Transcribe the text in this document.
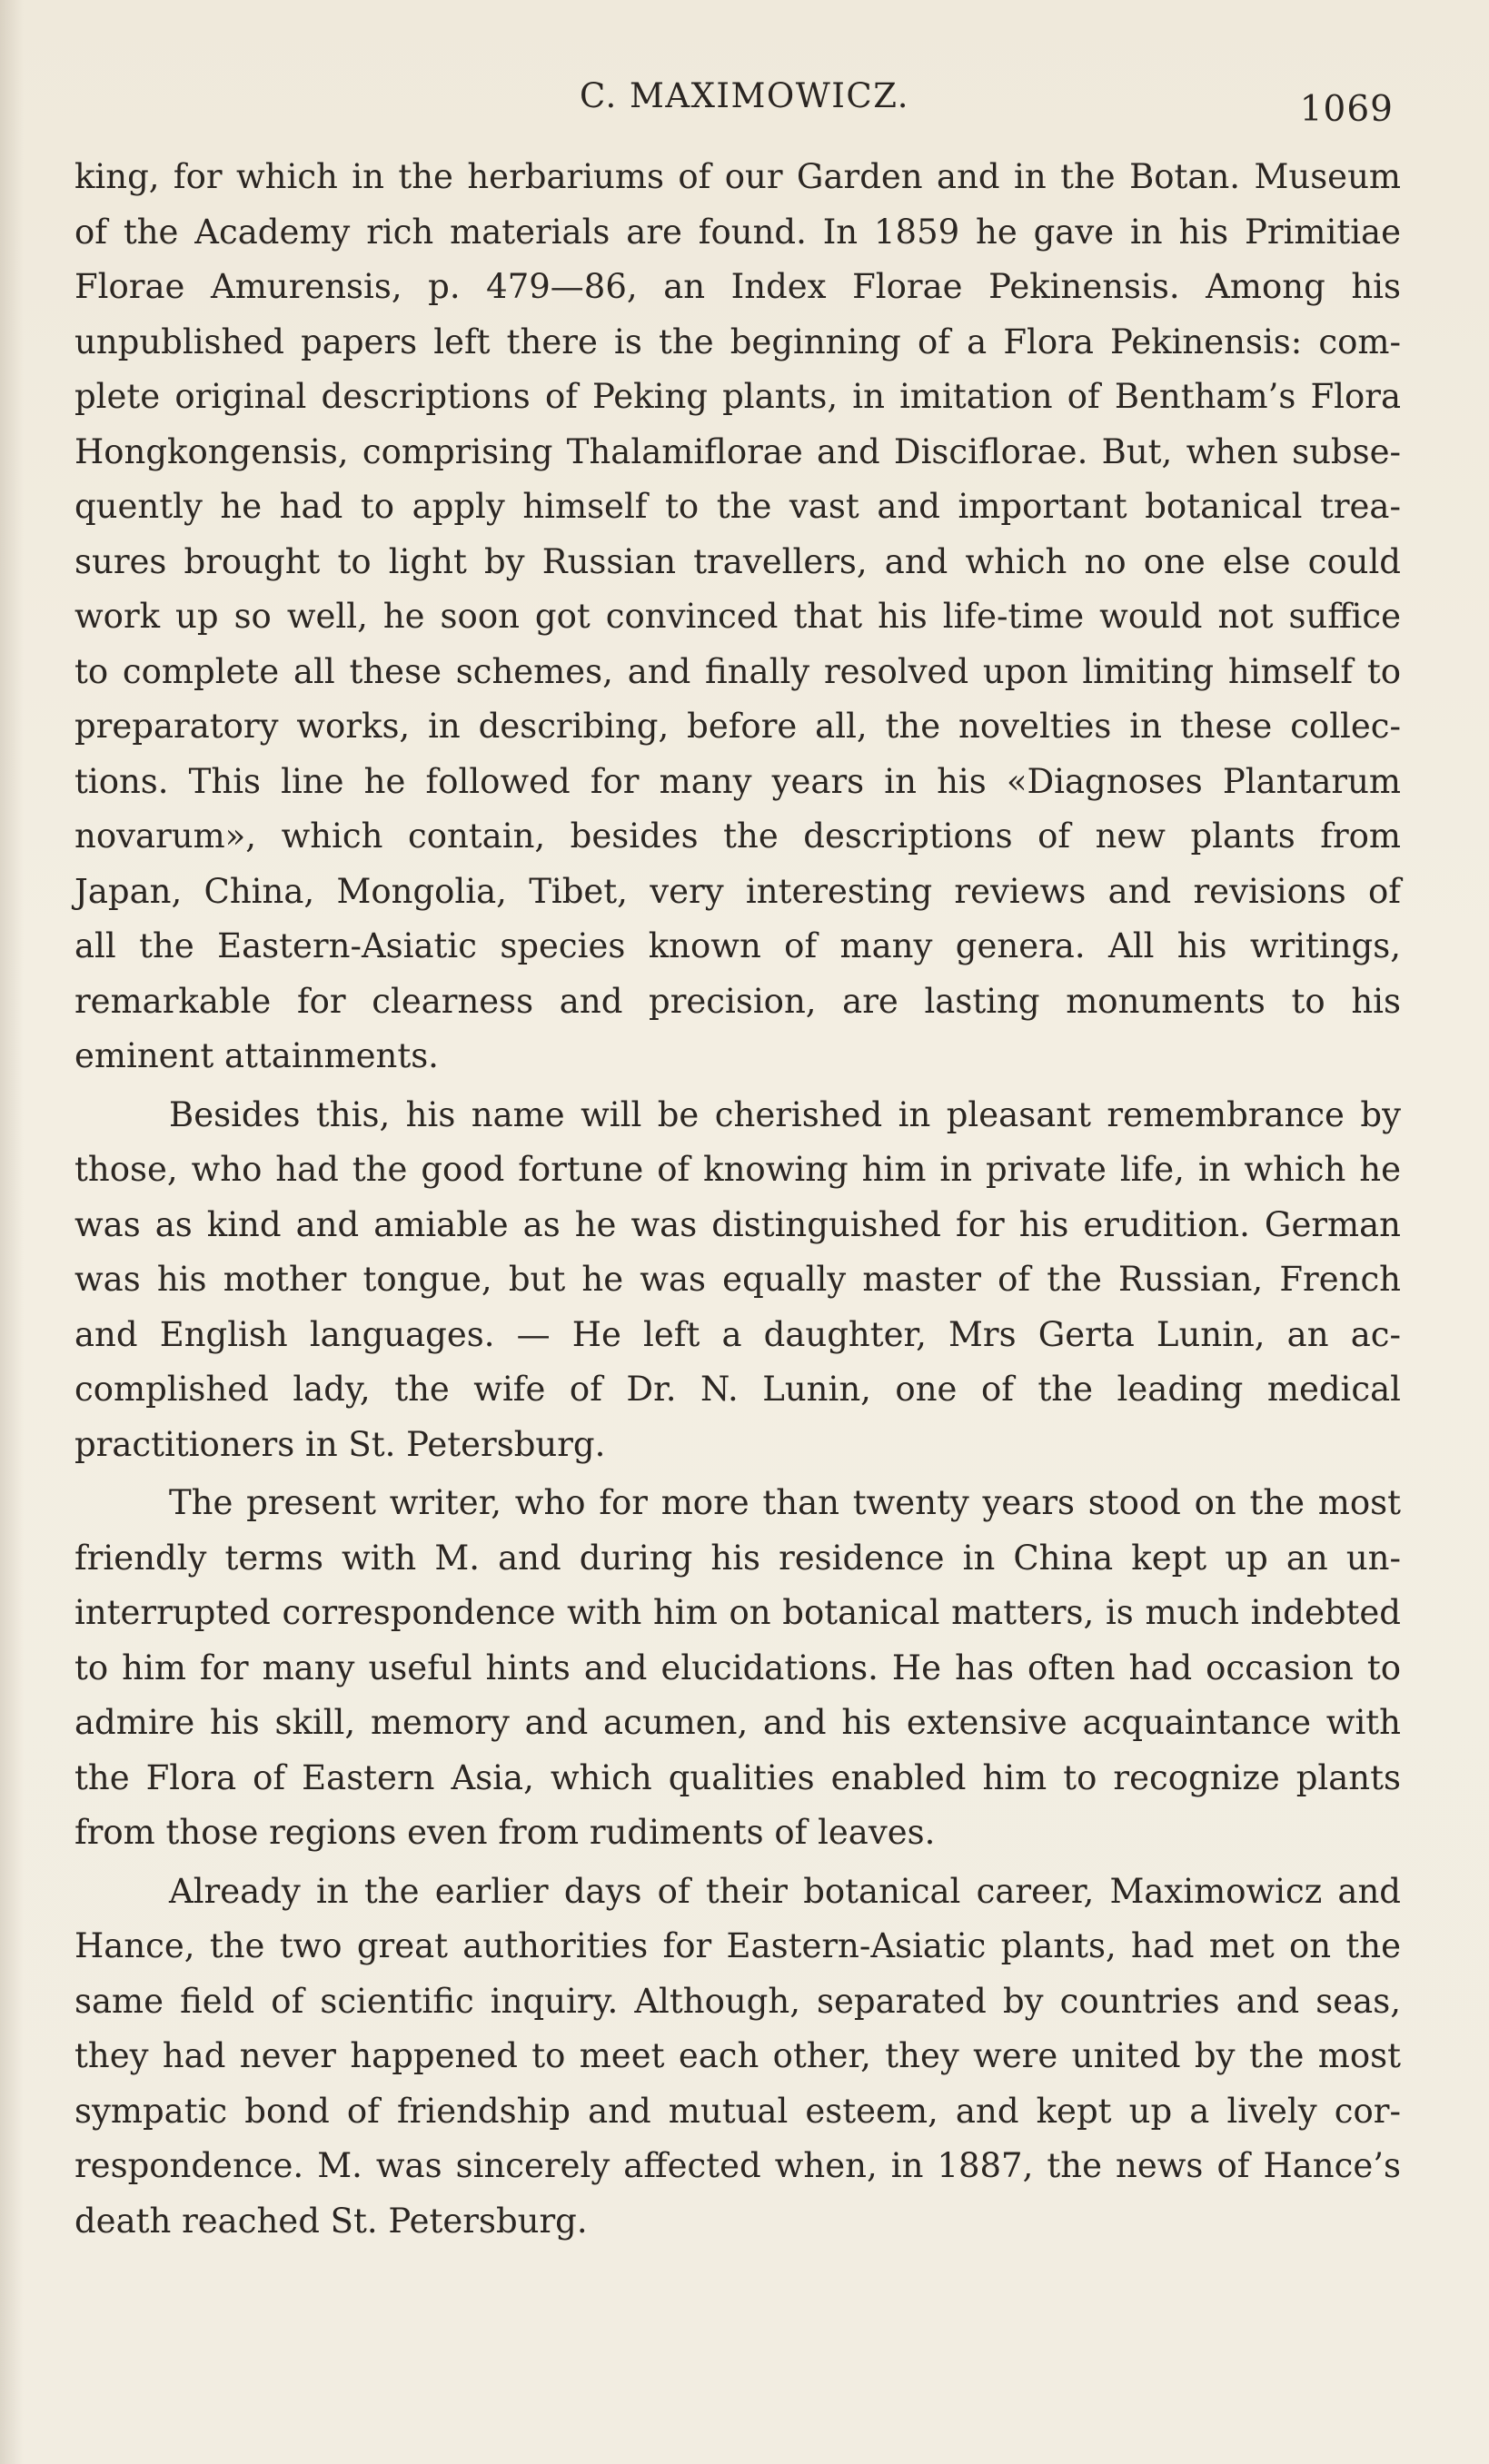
C. MAXIMOWICZ.	1069
king, for which in the herbariums of our Garden and in the Botan. Museum
of the Academy rich materials are found. In 1859 he gave in his Primitiae
Florae Amurensis, p. 479—86, an Index Florae Pekinensis. Among his
unpublished papers left there is the beginning of a Flora Pekinensis: com-
plete original descriptions of Peking plants, in imitation of Bentham’s Flora
Hongkongensis, comprising Thalamiflorae and Disciflorae. But, when subse-
quently he had to apply himself to the vast and important botanical trea-
sures brought to light by Russian travellers, and which no one else could
work up so well, he soon got convinced that his life-time would not suffice
to complete all these schemes, and finally resolved upon limiting himself to
preparatory works, in describing, before all, the novelties in these collec-
tions. This line he followed for many years in his «Diagnoses Plantarum
novarum», which contain, besides the descriptions of new plants from
Japan, China, Mongolia, Tibet, very interesting reviews and revisions of
all the Eastern-Asiatic species known of many genera. All his writings,
remarkable for clearness and precision, are lasting monuments to his
eminent attainments.
Besides this, his name will be cherished in pleasant remembrance by
those, who had the good fortune of knowing him in private life, in which he
was as kind and amiable as he was distinguished for his erudition. German
was his mother tongue, but he was equally master of the Russian, French
and English languages. — He left a daughter, Mrs Gerta Lunin, an ac-
complished lady, the wife of Dr. N. Lunin, one of the leading medical
practitioners in St. Petersburg.
The present writer, who for more than twenty years stood on the most
friendly terms with M. and during his residence in China kept up an un-
interrupted correspondence with him on botanical matters, is much indebted
to him for many useful hints and elucidations. He has often had occasion to
admire his skill, memory and acumen, and his extensive acquaintance with
the Flora of Eastern Asia, which qualities enabled him to recognize plants
from those regions even from rudiments of leaves.
Already in the earlier days of their botanical career, Maximowicz and
Hance, the two great authorities for Eastern-Asiatic plants, had met on the
same field of scientific inquiry. Although, separated by countries and seas,
they had never happened to meet each other, they were united by the most
sympatic bond of friendship and mutual esteem, and kept up a lively cor-
respondence. M. was sincerely affected when, in 1887, the news of Hance’s
death reached St. Petersburg.
